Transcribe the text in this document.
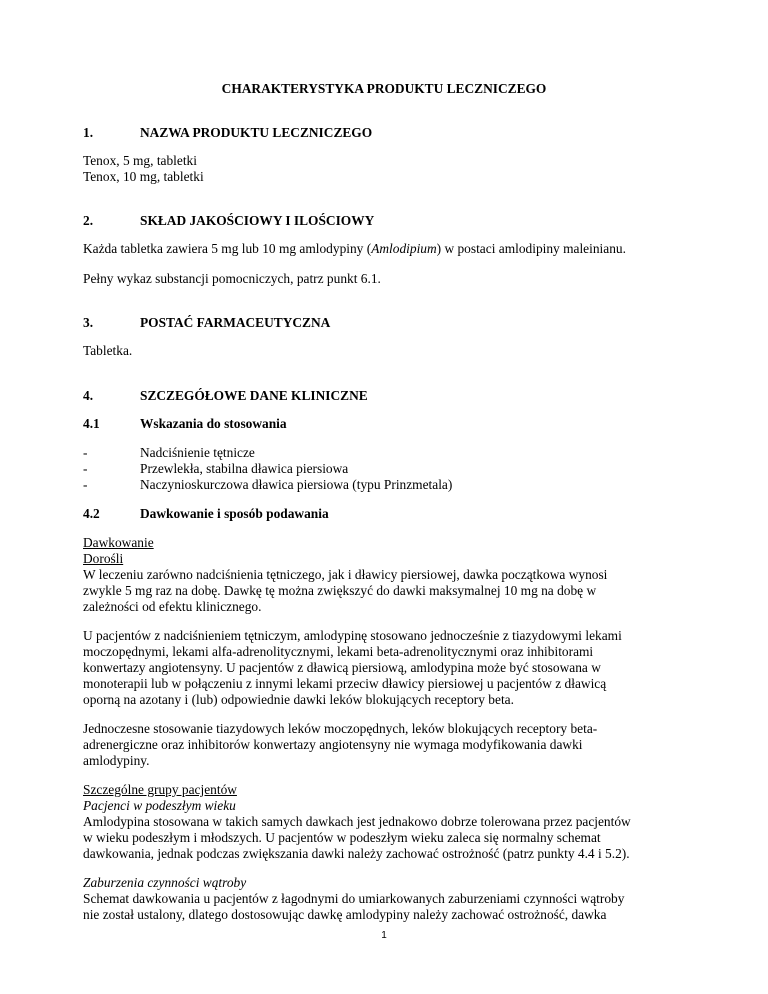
CHARAKTERYSTYKA PRODUKTU LECZNICZEGO
1.	NAZWA PRODUKTU LECZNICZEGO
Tenox, 5 mg, tabletki
Tenox, 10 mg, tabletki
2.	SKŁAD JAKOŚCIOWY I ILOŚCIOWY
Każda tabletka zawiera 5 mg lub 10 mg amlodypiny (Amlodipium) w postaci amlodipiny maleinianu.
Pełny wykaz substancji pomocniczych, patrz punkt 6.1.
3.	POSTAĆ FARMACEUTYCZNA
Tabletka.
4.	SZCZEGÓŁOWE DANE KLINICZNE
4.1	Wskazania do stosowania
-	Nadciśnienie tętnicze
-	Przewlekła, stabilna dławica piersiowa
-	Naczynioskurczowa dławica piersiowa (typu Prinzmetala)
4.2	Dawkowanie i sposób podawania
Dawkowanie
Dorośli
W leczeniu zarówno nadciśnienia tętniczego, jak i dławicy piersiowej, dawka początkowa wynosi
zwykle 5 mg raz na dobę. Dawkę tę można zwiększyć do dawki maksymalnej 10 mg na dobę w
zależności od efektu klinicznego.
U pacjentów z nadciśnieniem tętniczym, amlodypinę stosowano jednocześnie z tiazydowymi lekami
moczopędnymi, lekami alfa-adrenolitycznymi, lekami beta-adrenolitycznymi oraz inhibitorami
konwertazy angiotensyny. U pacjentów z dławicą piersiową, amlodypina może być stosowana w
monoterapii lub w połączeniu z innymi lekami przeciw dławicy piersiowej u pacjentów z dławicą
oporną na azotany i (lub) odpowiednie dawki leków blokujących receptory beta.
Jednoczesne stosowanie tiazydowych leków moczopędnych, leków blokujących receptory beta-
adrenergiczne oraz inhibitorów konwertazy angiotensyny nie wymaga modyfikowania dawki
amlodypiny.
Szczególne grupy pacjentów
Pacjenci w podeszłym wieku
Amlodypina stosowana w takich samych dawkach jest jednakowo dobrze tolerowana przez pacjentów
w wieku podeszłym i młodszych. U pacjentów w podeszłym wieku zaleca się normalny schemat
dawkowania, jednak podczas zwiększania dawki należy zachować ostrożność (patrz punkty 4.4 i 5.2).
Zaburzenia czynności wątroby
Schemat dawkowania u pacjentów z łagodnymi do umiarkowanych zaburzeniami czynności wątroby
nie został ustalony, dlatego dostosowując dawkę amlodypiny należy zachować ostrożność, dawka
1
